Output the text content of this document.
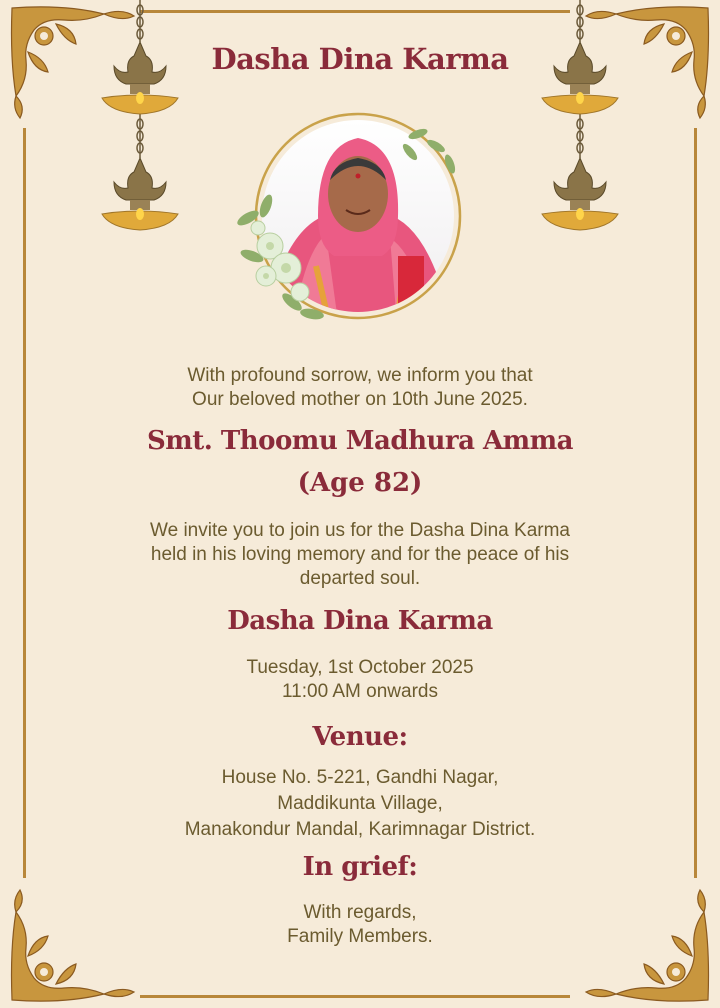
Dasha Dina Karma

With profound sorrow, we inform you that
Our beloved mother on 10th June 2025.

Smt. Thoomu Madhura Amma
(Age 82)

We invite you to join us for the Dasha Dina Karma
held in his loving memory and for the peace of his
departed soul.

Dasha Dina Karma

Tuesday, 1st October 2025
11:00 AM onwards

Venue:

House No. 5-221, Gandhi Nagar,
Maddikunta Village,
Manakondur Mandal, Karimnagar District.

In grief:

With regards,
Family Members.
